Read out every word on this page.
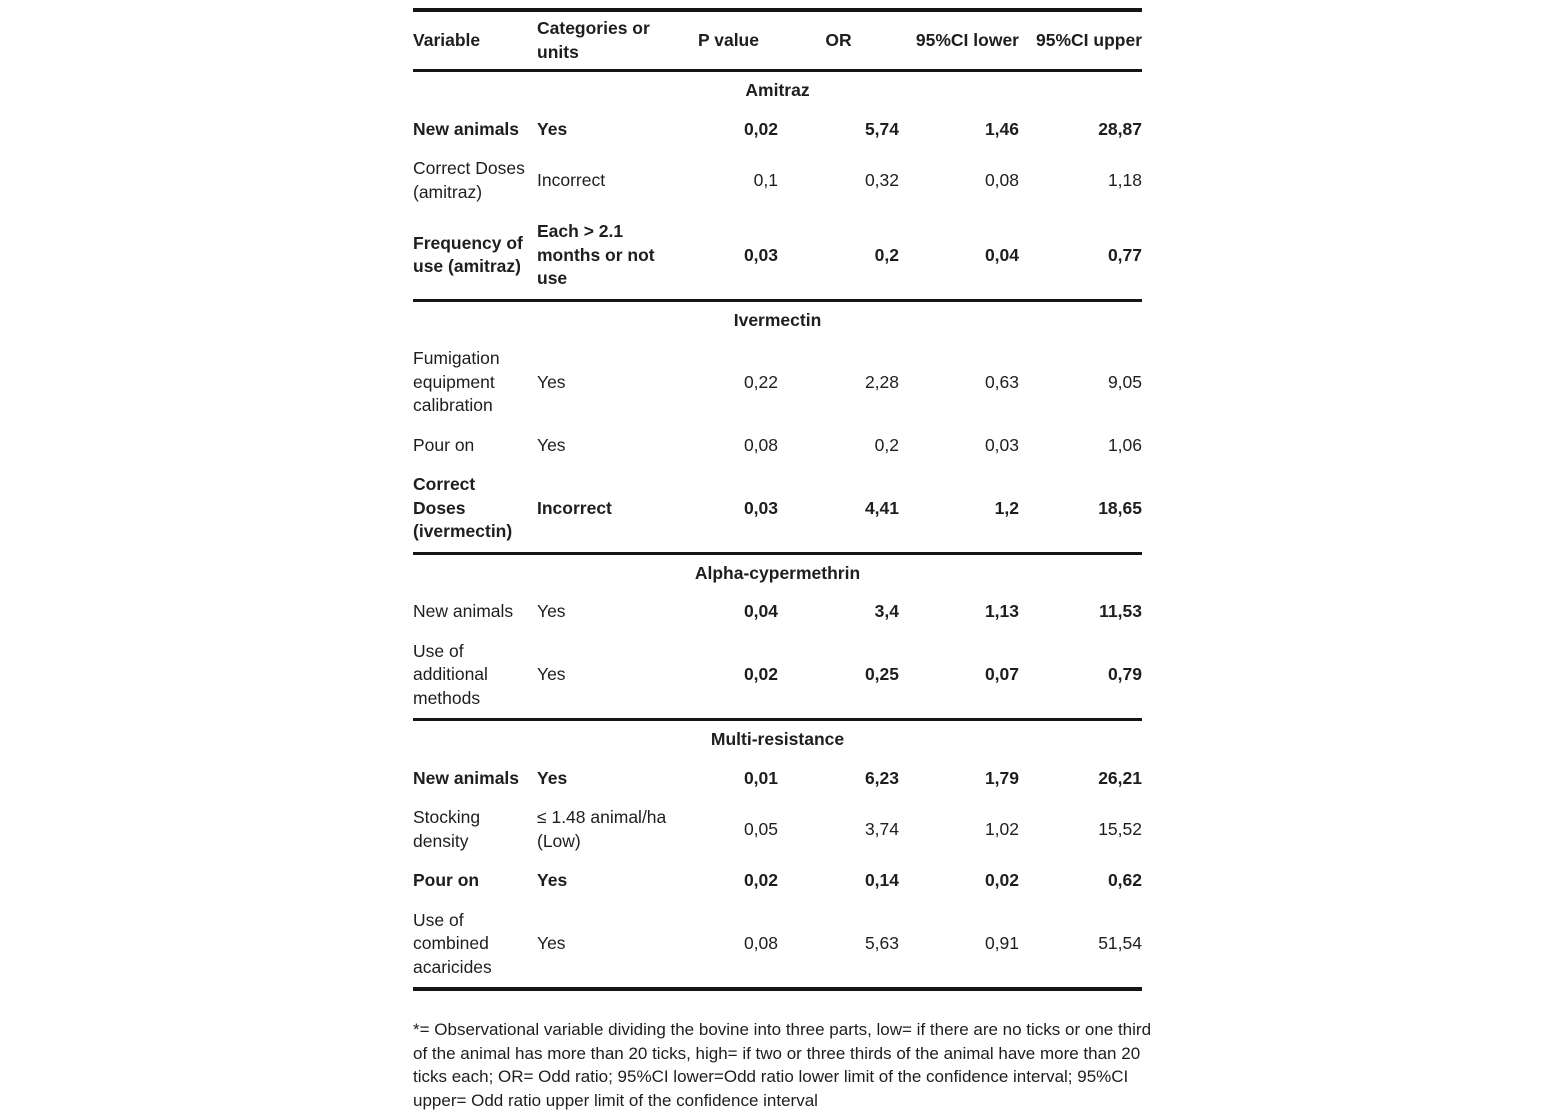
Variable	Categories or units	P value	OR	95%CI lower	95%CI upper
Amitraz					
New animals	Yes	0,02	5,74	1,46	28,87
Correct Doses (amitraz)	Incorrect	0,1	0,32	0,08	1,18
Frequency of use (amitraz)	Each > 2.1 months or not use	0,03	0,2	0,04	0,77
Ivermectin					
Fumigation equipment calibration	Yes	0,22	2,28	0,63	9,05
Pour on	Yes	0,08	0,2	0,03	1,06
Correct Doses (ivermectin)	Incorrect	0,03	4,41	1,2	18,65
Alpha-cypermethrin					
New animals	Yes	0,04	3,4	1,13	11,53
Use of additional methods	Yes	0,02	0,25	0,07	0,79
Multi-resistance					
New animals	Yes	0,01	6,23	1,79	26,21
Stocking density	≤ 1.48 animal/ha (Low)	0,05	3,74	1,02	15,52
Pour on	Yes	0,02	0,14	0,02	0,62
Use of combined acaricides	Yes	0,08	5,63	0,91	51,54

*= Observational variable dividing the bovine into three parts, low= if there are no ticks or one third of the animal has more than 20 ticks, high= if two or three thirds of the animal have more than 20 ticks each; OR= Odd ratio; 95%CI lower=Odd ratio lower limit of the confidence interval; 95%CI upper= Odd ratio upper limit of the confidence interval
